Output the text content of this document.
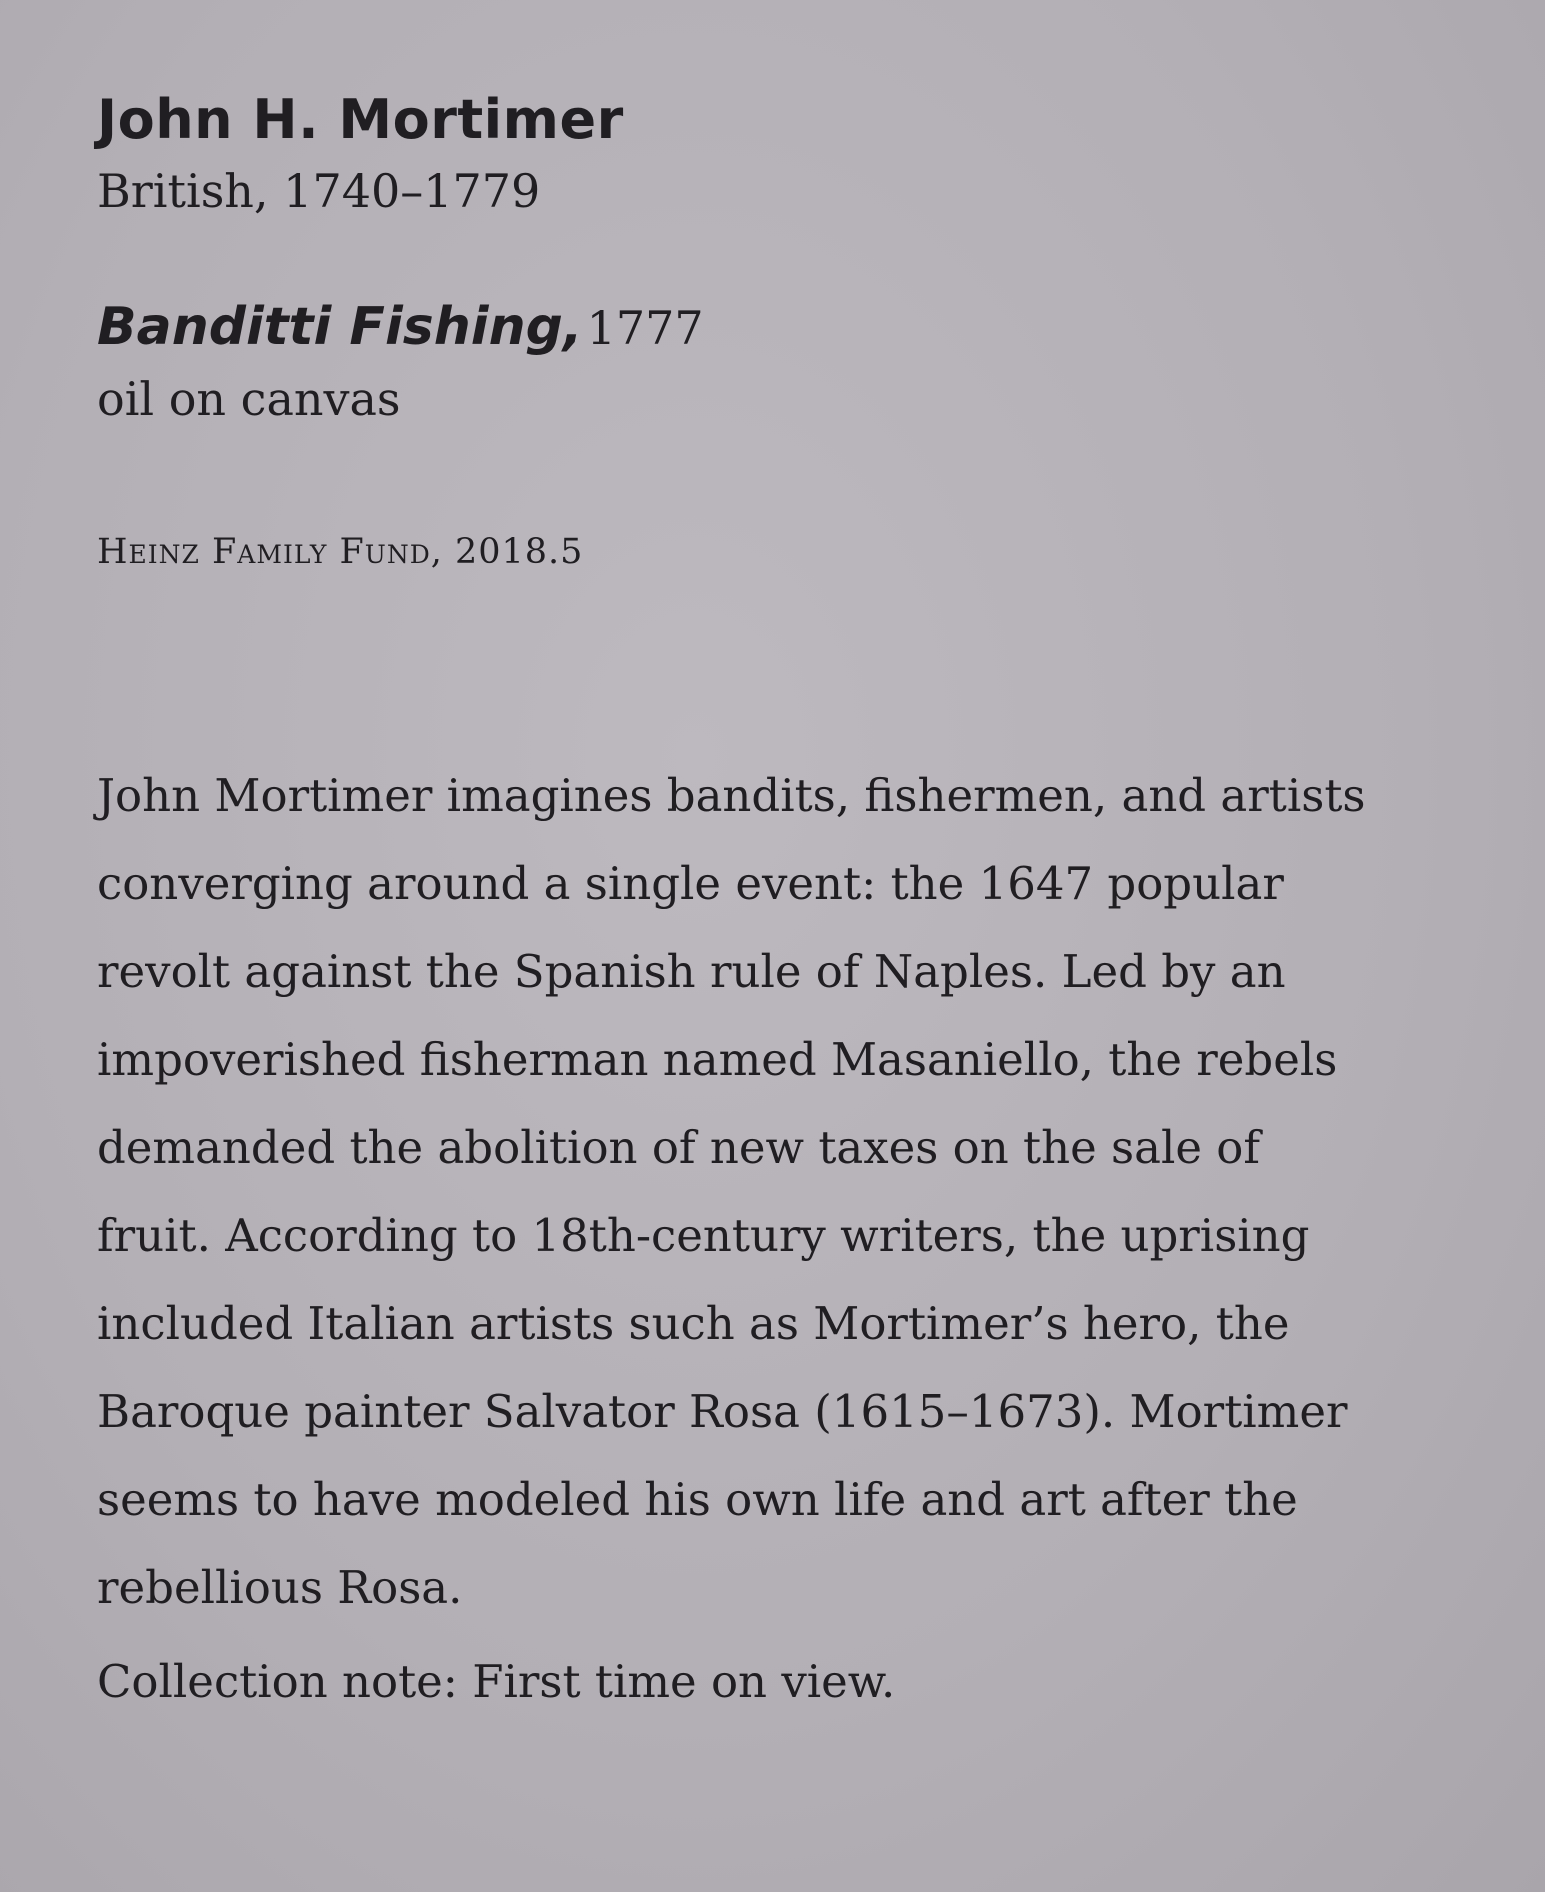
John H. Mortimer
British, 1740–1779
Banditti Fishing, 1777
oil on canvas
Heinz Family Fund, 2018.5
John Mortimer imagines bandits, fishermen, and artists
converging around a single event: the 1647 popular
revolt against the Spanish rule of Naples. Led by an
impoverished fisherman named Masaniello, the rebels
demanded the abolition of new taxes on the sale of
fruit. According to 18th-century writers, the uprising
included Italian artists such as Mortimer’s hero, the
Baroque painter Salvator Rosa (1615–1673). Mortimer
seems to have modeled his own life and art after the
rebellious Rosa.
Collection note: First time on view.
